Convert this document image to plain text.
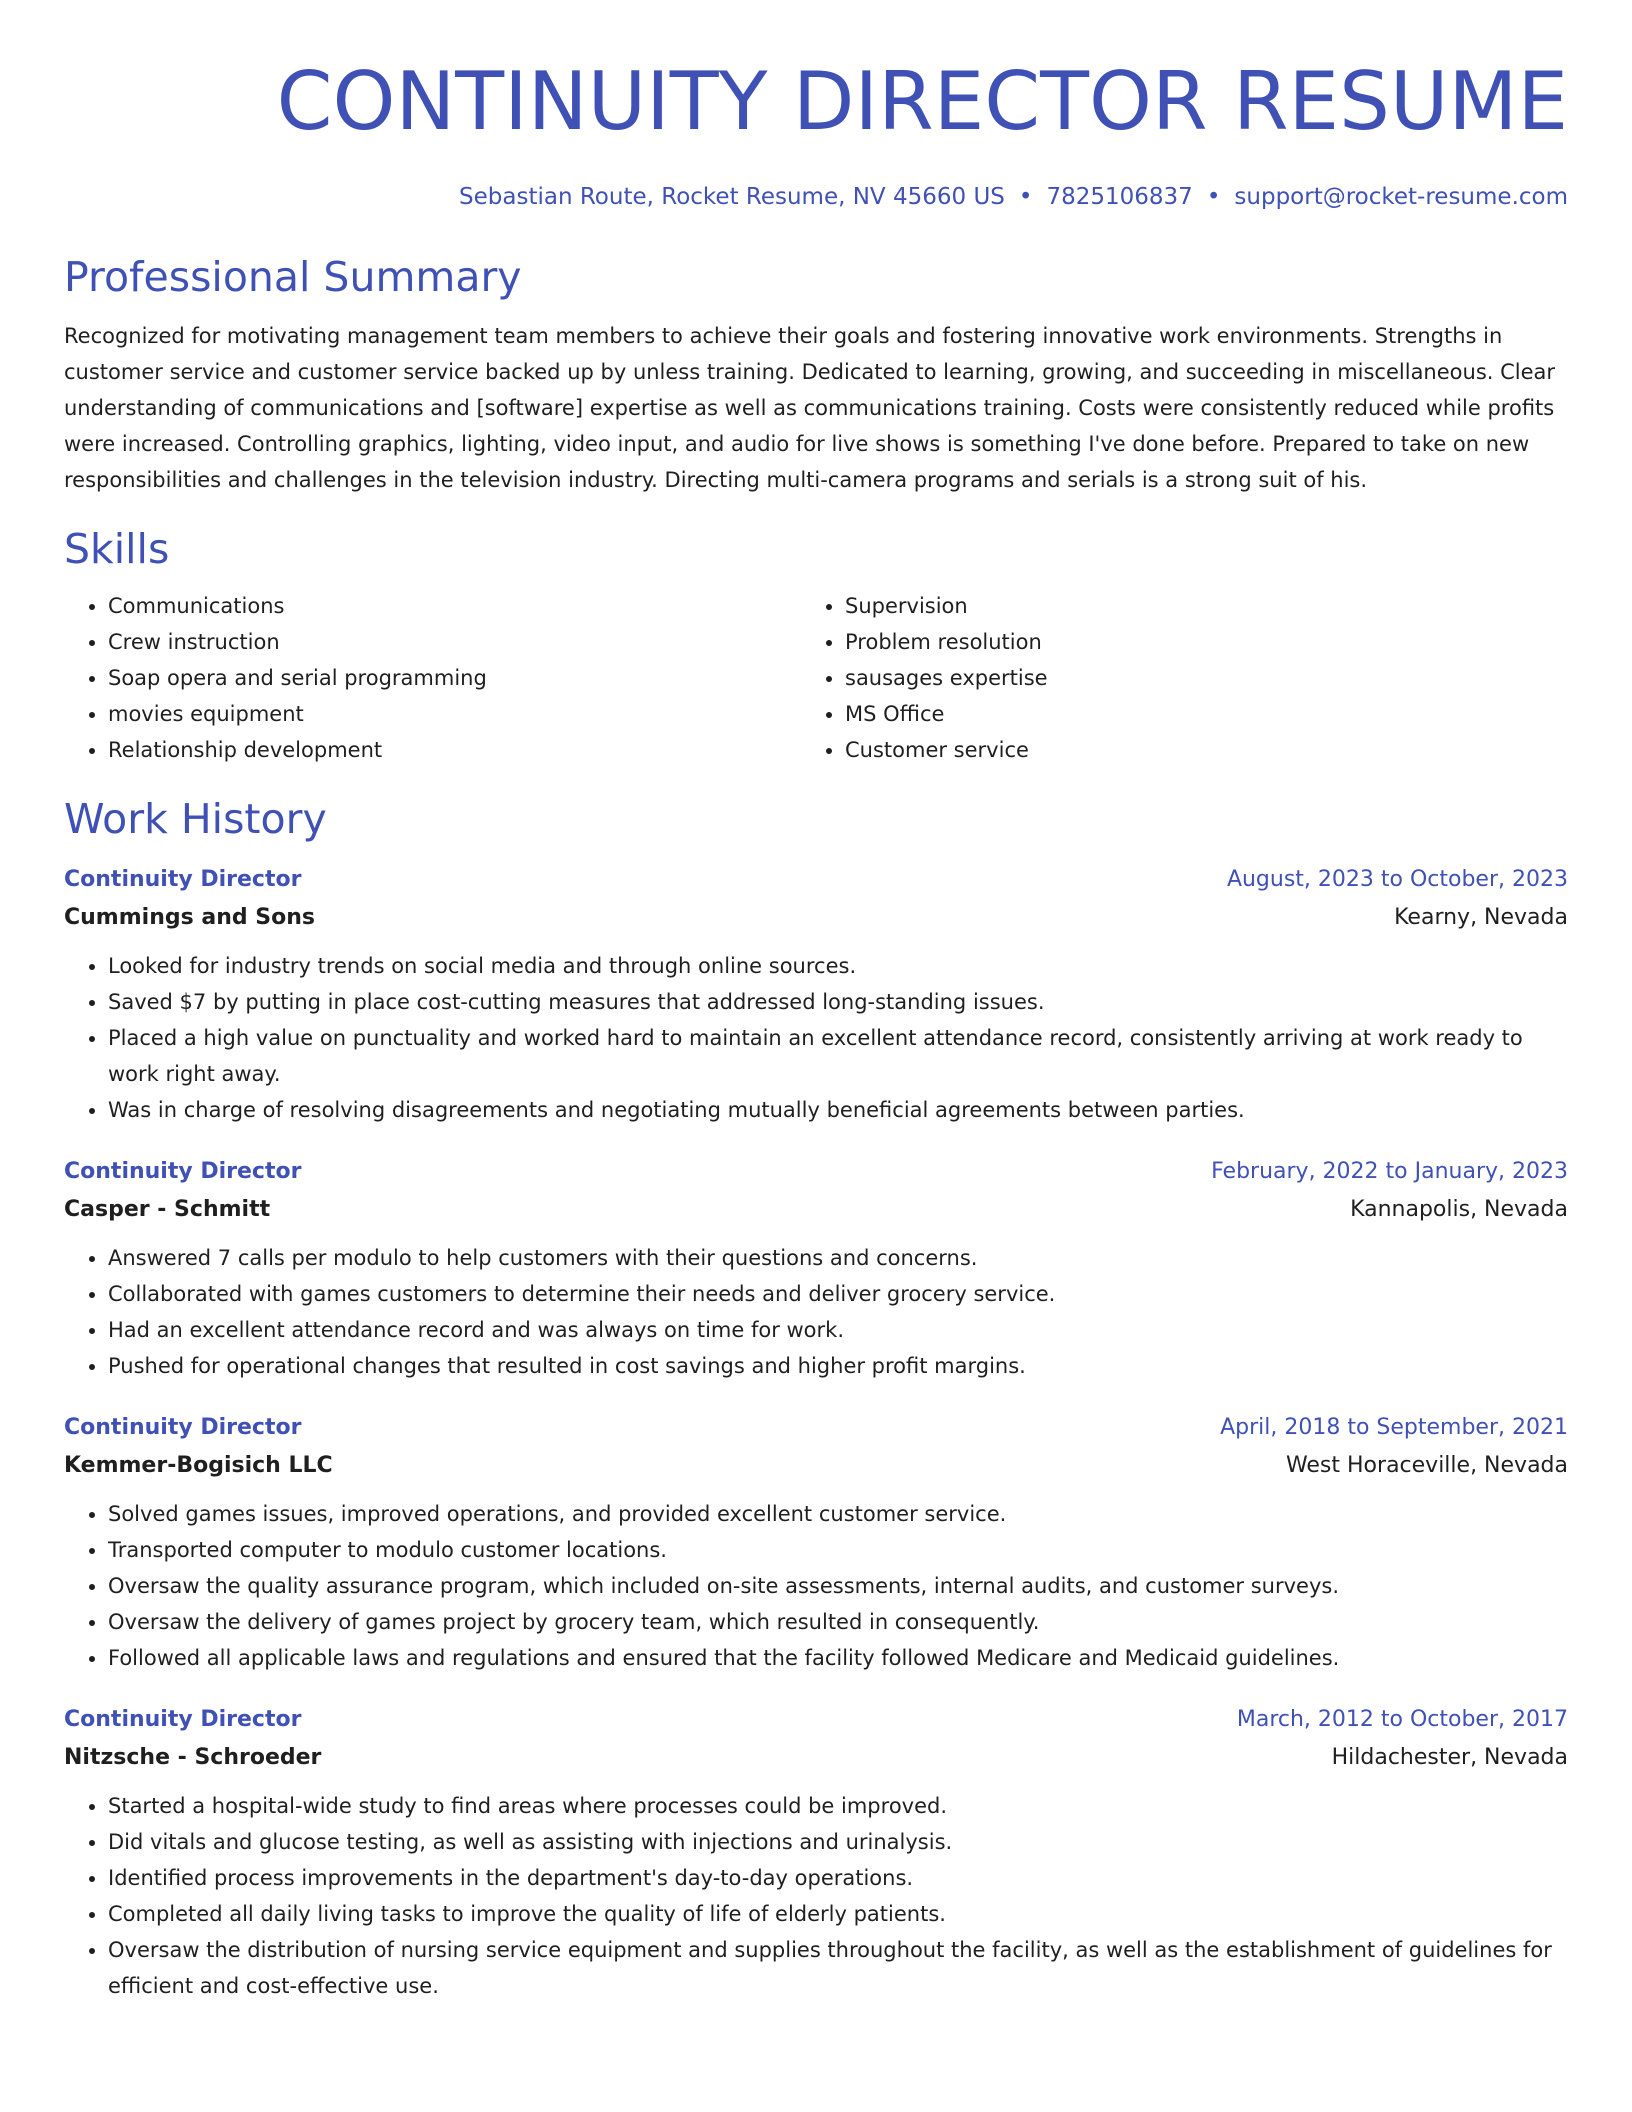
CONTINUITY DIRECTOR RESUME
Sebastian Route, Rocket Resume, NV 45660 US • 7825106837 • support@rocket-resume.com
Professional Summary
Recognized for motivating management team members to achieve their goals and fostering innovative work environments. Strengths in customer service and customer service backed up by unless training. Dedicated to learning, growing, and succeeding in miscellaneous. Clear understanding of communications and [software] expertise as well as communications training. Costs were consistently reduced while profits were increased. Controlling graphics, lighting, video input, and audio for live shows is something I've done before. Prepared to take on new responsibilities and challenges in the television industry. Directing multi-camera programs and serials is a strong suit of his.
Skills
• Communications
• Crew instruction
• Soap opera and serial programming
• movies equipment
• Relationship development
• Supervision
• Problem resolution
• sausages expertise
• MS Office
• Customer service
Work History
Continuity Director	August, 2023 to October, 2023
Cummings and Sons	Kearny, Nevada
• Looked for industry trends on social media and through online sources.
• Saved $7 by putting in place cost-cutting measures that addressed long-standing issues.
• Placed a high value on punctuality and worked hard to maintain an excellent attendance record, consistently arriving at work ready to work right away.
• Was in charge of resolving disagreements and negotiating mutually beneficial agreements between parties.
Continuity Director	February, 2022 to January, 2023
Casper - Schmitt	Kannapolis, Nevada
• Answered 7 calls per modulo to help customers with their questions and concerns.
• Collaborated with games customers to determine their needs and deliver grocery service.
• Had an excellent attendance record and was always on time for work.
• Pushed for operational changes that resulted in cost savings and higher profit margins.
Continuity Director	April, 2018 to September, 2021
Kemmer-Bogisich LLC	West Horaceville, Nevada
• Solved games issues, improved operations, and provided excellent customer service.
• Transported computer to modulo customer locations.
• Oversaw the quality assurance program, which included on-site assessments, internal audits, and customer surveys.
• Oversaw the delivery of games project by grocery team, which resulted in consequently.
• Followed all applicable laws and regulations and ensured that the facility followed Medicare and Medicaid guidelines.
Continuity Director	March, 2012 to October, 2017
Nitzsche - Schroeder	Hildachester, Nevada
• Started a hospital-wide study to find areas where processes could be improved.
• Did vitals and glucose testing, as well as assisting with injections and urinalysis.
• Identified process improvements in the department's day-to-day operations.
• Completed all daily living tasks to improve the quality of life of elderly patients.
• Oversaw the distribution of nursing service equipment and supplies throughout the facility, as well as the establishment of guidelines for efficient and cost-effective use.
